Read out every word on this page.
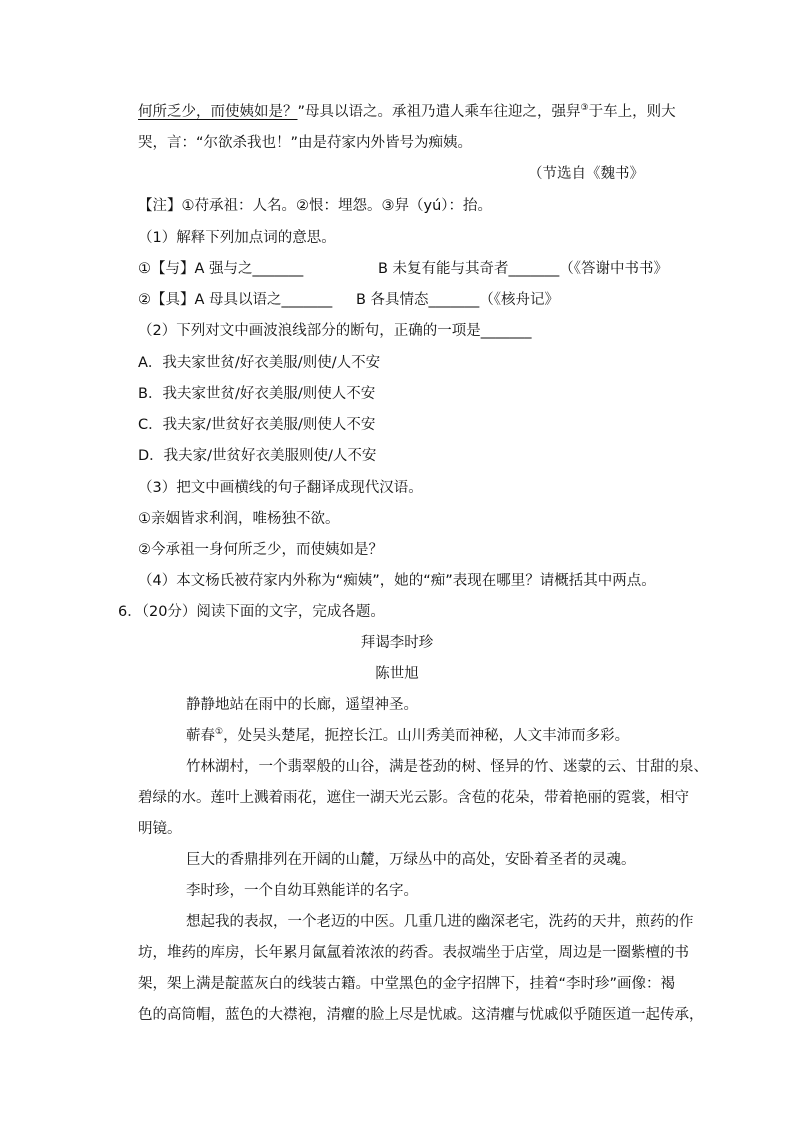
何所乏少，而使姨如是？”母具以语之。承祖乃遣人乘车往迎之，强舁③于车上，则大
哭，言：“尔欲杀我也！”由是苻家内外皆号为痴姨。
（节选自《魏书》
【注】①苻承祖：人名。②恨：埋怨。③舁（yú）：抬。
（1）解释下列加点词的意思。
①【与】A 强与之_______	B 未复有能与其奇者_______（《答谢中书书》
②【具】A 母具以语之_______ B 各具情态_______（《核舟记》
（2）下列对文中画波浪线部分的断句，正确的一项是_______
A．我夫家世贫/好衣美服/则使/人不安
B．我夫家世贫/好衣美服/则使人不安
C．我夫家/世贫好衣美服/则使人不安
D．我夫家/世贫好衣美服则使/人不安
（3）把文中画横线的句子翻译成现代汉语。
①亲姻皆求利润，唯杨独不欲。
②今承祖一身何所乏少，而使姨如是？
（4）本文杨氏被苻家内外称为“痴姨”，她的“痴”表现在哪里？请概括其中两点。
6．（20分）阅读下面的文字，完成各题。
拜谒李时珍
陈世旭
静静地站在雨中的长廊，遥望神圣。
蕲春①，处吴头楚尾，扼控长江。山川秀美而神秘，人文丰沛而多彩。
竹林湖村，一个翡翠般的山谷，满是苍劲的树、怪异的竹、迷蒙的云、甘甜的泉、
碧绿的水。莲叶上溅着雨花，遮住一湖天光云影。含苞的花朵，带着艳丽的霓裳，相守
明镜。
巨大的香鼎排列在开阔的山麓，万绿丛中的高处，安卧着圣者的灵魂。
李时珍，一个自幼耳熟能详的名字。
想起我的表叔，一个老迈的中医。几重几进的幽深老宅，洗药的天井，煎药的作
坊，堆药的库房，长年累月氤氲着浓浓的药香。表叔端坐于店堂，周边是一圈紫檀的书
架，架上满是靛蓝灰白的线装古籍。中堂黑色的金字招牌下，挂着“李时珍”画像：褐
色的高筒帽，蓝色的大襟袍，清癯的脸上尽是忧戚。这清癯与忧戚似乎随医道一起传承，
